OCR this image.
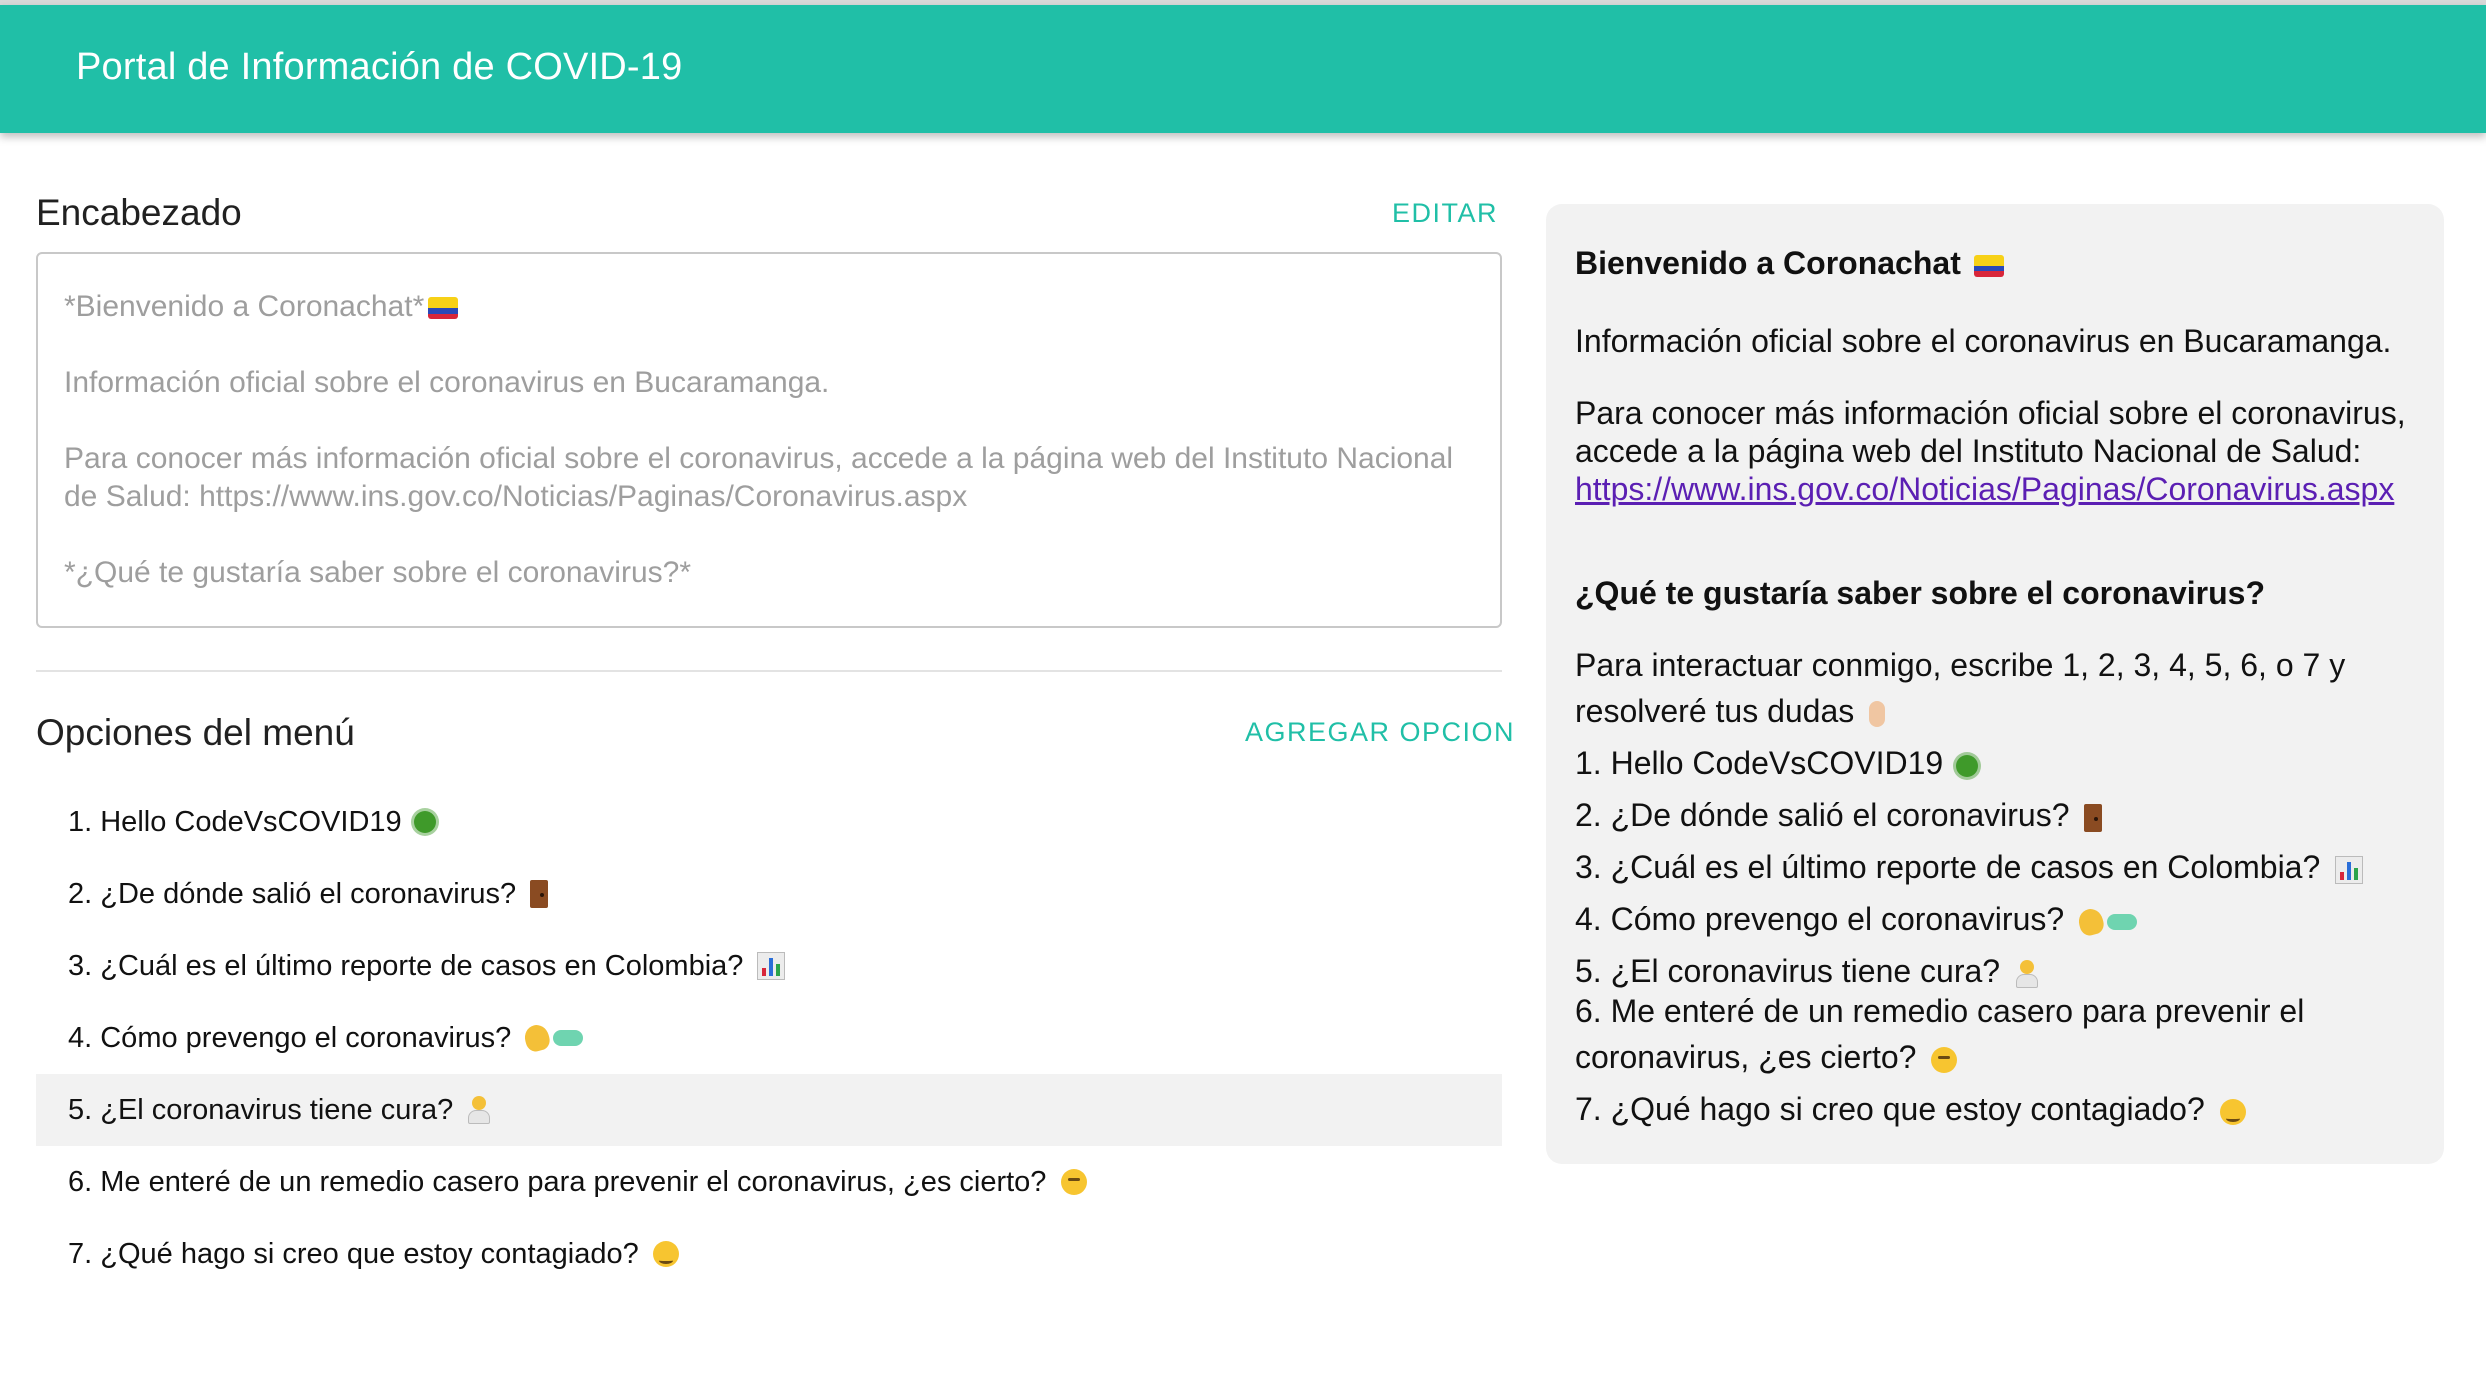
Portal de Información de COVID-19
Encabezado	EDITAR

*Bienvenido a Coronachat*

Información oficial sobre el coronavirus en Bucaramanga.

Para conocer más información oficial sobre el coronavirus, accede a la página web del Instituto Nacional de Salud: https://www.ins.gov.co/Noticias/Paginas/Coronavirus.aspx

*¿Qué te gustaría saber sobre el coronavirus?*

Opciones del menú	AGREGAR OPCION
1. Hello CodeVsCOVID19

2. ¿De dónde salió el coronavirus?

3. ¿Cuál es el último reporte de casos en Colombia?

4. Cómo prevengo el coronavirus?

5. ¿El coronavirus tiene cura?

6. Me enteré de un remedio casero para prevenir el coronavirus, ¿es cierto?

7. ¿Qué hago si creo que estoy contagiado?

Bienvenido a Coronachat

Información oficial sobre el coronavirus en Bucaramanga.

Para conocer más información oficial sobre el coronavirus, accede a la página web del Instituto Nacional de Salud: https://www.ins.gov.co/Noticias/Paginas/Coronavirus.aspx

¿Qué te gustaría saber sobre el coronavirus?

Para interactuar conmigo, escribe 1, 2, 3, 4, 5, 6, o 7 y resolveré tus dudas

1. Hello CodeVsCOVID19

2. ¿De dónde salió el coronavirus?

3. ¿Cuál es el último reporte de casos en Colombia?

4. Cómo prevengo el coronavirus?

5. ¿El coronavirus tiene cura?

6. Me enteré de un remedio casero para prevenir el coronavirus, ¿es cierto?

7. ¿Qué hago si creo que estoy contagiado?
